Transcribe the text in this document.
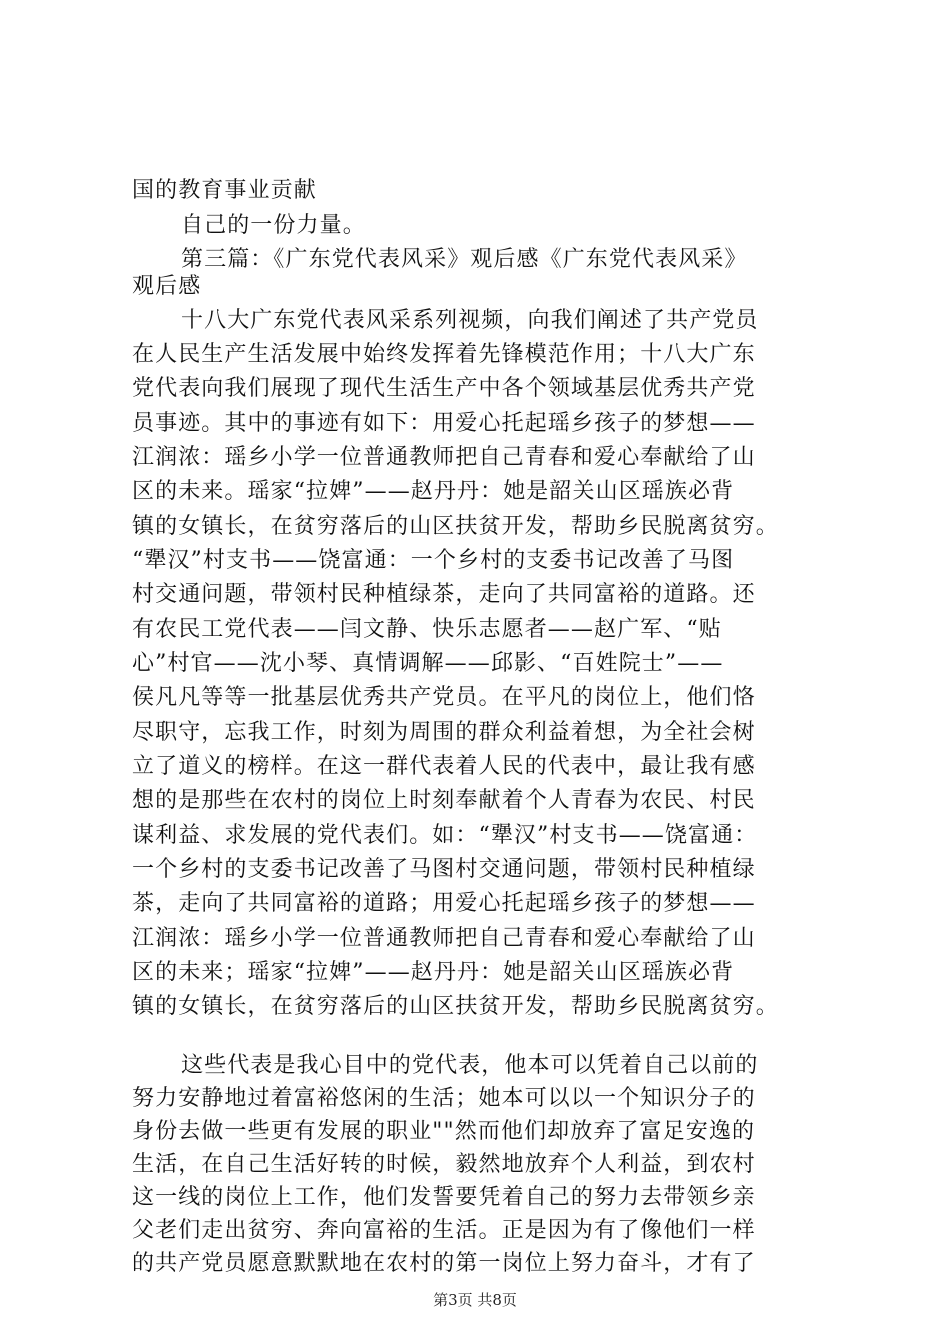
国的教育事业贡献
自己的一份力量。
第三篇：《广东党代表风采》观后感《广东党代表风采》
观后感
十八大广东党代表风采系列视频，向我们阐述了共产党员
在人民生产生活发展中始终发挥着先锋模范作用；十八大广东
党代表向我们展现了现代生活生产中各个领域基层优秀共产党
员事迹。其中的事迹有如下：用爱心托起瑶乡孩子的梦想——
江润浓：瑶乡小学一位普通教师把自己青春和爱心奉献给了山
区的未来。瑶家“拉婢”——赵丹丹：她是韶关山区瑶族必背
镇的女镇长，在贫穷落后的山区扶贫开发，帮助乡民脱离贫穷。
“犟汉”村支书——饶富通：一个乡村的支委书记改善了马图
村交通问题，带领村民种植绿茶，走向了共同富裕的道路。还
有农民工党代表——闫文静、快乐志愿者——赵广军、“贴
心”村官——沈小琴、真情调解——邱影、“百姓院士”——
侯凡凡等等一批基层优秀共产党员。在平凡的岗位上，他们恪
尽职守，忘我工作，时刻为周围的群众利益着想，为全社会树
立了道义的榜样。在这一群代表着人民的代表中，最让我有感
想的是那些在农村的岗位上时刻奉献着个人青春为农民、村民
谋利益、求发展的党代表们。如：“犟汉”村支书——饶富通：
一个乡村的支委书记改善了马图村交通问题，带领村民种植绿
茶，走向了共同富裕的道路；用爱心托起瑶乡孩子的梦想——
江润浓：瑶乡小学一位普通教师把自己青春和爱心奉献给了山
区的未来；瑶家“拉婢”——赵丹丹：她是韶关山区瑶族必背
镇的女镇长，在贫穷落后的山区扶贫开发，帮助乡民脱离贫穷。
这些代表是我心目中的党代表，他本可以凭着自己以前的
努力安静地过着富裕悠闲的生活；她本可以以一个知识分子的
身份去做一些更有发展的职业""然而他们却放弃了富足安逸的
生活，在自己生活好转的时候，毅然地放弃个人利益，到农村
这一线的岗位上工作，他们发誓要凭着自己的努力去带领乡亲
父老们走出贫穷、奔向富裕的生活。正是因为有了像他们一样
的共产党员愿意默默地在农村的第一岗位上努力奋斗，才有了
第3页 共8页
